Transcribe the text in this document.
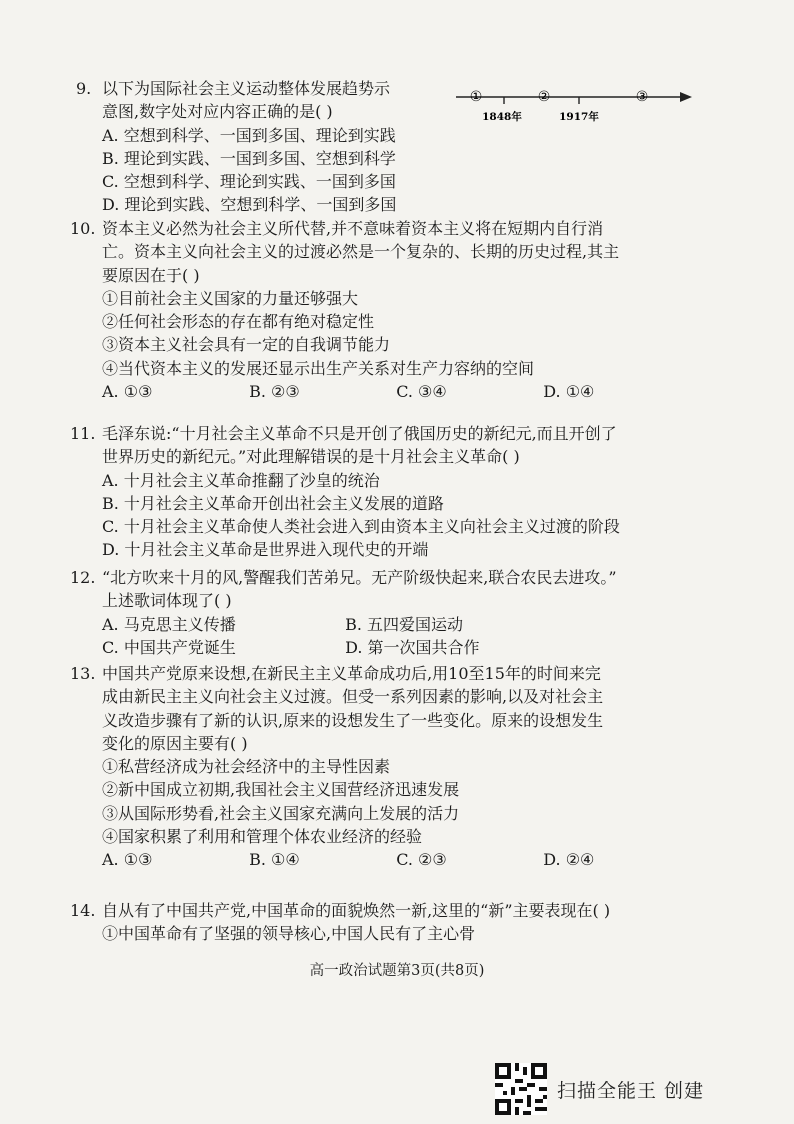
9. 以下为国际社会主义运动整体发展趋势示
意图,数字处对应内容正确的是( )
A. 空想到科学、一国到多国、理论到实践
B. 理论到实践、一国到多国、空想到科学
C. 空想到科学、理论到实践、一国到多国
D. 理论到实践、空想到科学、一国到多国
①	②	③
1848年	1917年
10. 资本主义必然为社会主义所代替,并不意味着资本主义将在短期内自行消
亡。资本主义向社会主义的过渡必然是一个复杂的、长期的历史过程,其主
要原因在于( )
①目前社会主义国家的力量还够强大
②任何社会形态的存在都有绝对稳定性
③资本主义社会具有一定的自我调节能力
④当代资本主义的发展还显示出生产关系对生产力容纳的空间
A. ①③	B. ②③	C. ③④	D. ①④
11. 毛泽东说:“十月社会主义革命不只是开创了俄国历史的新纪元,而且开创了
世界历史的新纪元。”对此理解错误的是十月社会主义革命( )
A. 十月社会主义革命推翻了沙皇的统治
B. 十月社会主义革命开创出社会主义发展的道路
C. 十月社会主义革命使人类社会进入到由资本主义向社会主义过渡的阶段
D. 十月社会主义革命是世界进入现代史的开端
12. “北方吹来十月的风,警醒我们苦弟兄。无产阶级快起来,联合农民去进攻。”
上述歌词体现了( )
A. 马克思主义传播	B. 五四爱国运动
C. 中国共产党诞生	D. 第一次国共合作
13. 中国共产党原来设想,在新民主主义革命成功后,用10至15年的时间来完
成由新民主主义向社会主义过渡。但受一系列因素的影响,以及对社会主
义改造步骤有了新的认识,原来的设想发生了一些变化。原来的设想发生
变化的原因主要有( )
①私营经济成为社会经济中的主导性因素
②新中国成立初期,我国社会主义国营经济迅速发展
③从国际形势看,社会主义国家充满向上发展的活力
④国家积累了利用和管理个体农业经济的经验
A. ①③	B. ①④	C. ②③	D. ②④
14. 自从有了中国共产党,中国革命的面貌焕然一新,这里的“新”主要表现在( )
①中国革命有了坚强的领导核心,中国人民有了主心骨
高一政治试题第3页(共8页)
扫描全能王 创建
